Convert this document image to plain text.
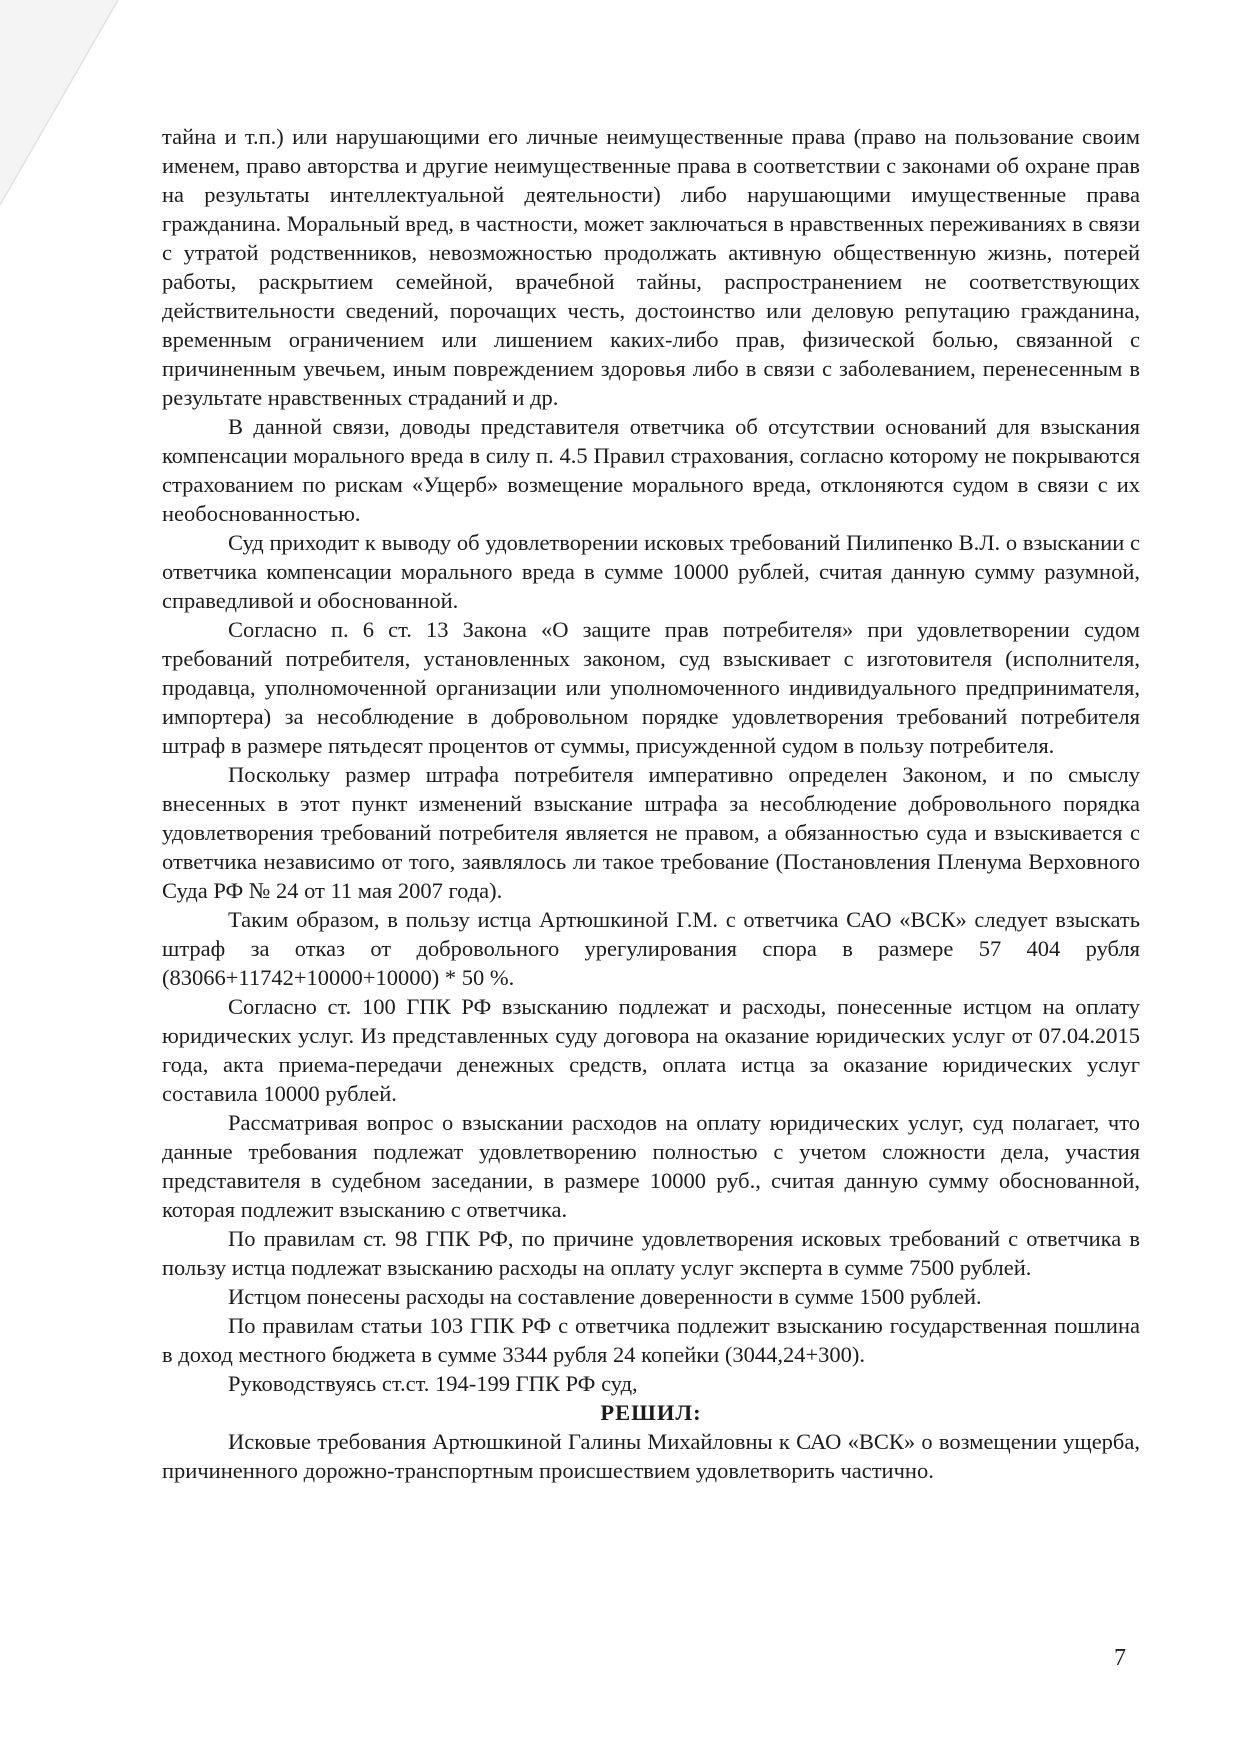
тайна и т.п.) или нарушающими его личные неимущественные права (право на пользование своим именем, право авторства и другие неимущественные права в соответствии с законами об охране прав на результаты интеллектуальной деятельности) либо нарушающими имущественные права гражданина. Моральный вред, в частности, может заключаться в нравственных переживаниях в связи с утратой родственников, невозможностью продолжать активную общественную жизнь, потерей работы, раскрытием семейной, врачебной тайны, распространением не соответствующих действительности сведений, порочащих честь, достоинство или деловую репутацию гражданина, временным ограничением или лишением каких-либо прав, физической болью, связанной с причиненным увечьем, иным повреждением здоровья либо в связи с заболеванием, перенесенным в результате нравственных страданий и др.

В данной связи, доводы представителя ответчика об отсутствии оснований для взыскания компенсации морального вреда в силу п. 4.5 Правил страхования, согласно которому не покрываются страхованием по рискам «Ущерб» возмещение морального вреда, отклоняются судом в связи с их необоснованностью.

Суд приходит к выводу об удовлетворении исковых требований Пилипенко В.Л. о взыскании с ответчика компенсации морального вреда в сумме 10000 рублей, считая данную сумму разумной, справедливой и обоснованной.

Согласно п. 6 ст. 13 Закона «О защите прав потребителя» при удовлетворении судом требований потребителя, установленных законом, суд взыскивает с изготовителя (исполнителя, продавца, уполномоченной организации или уполномоченного индивидуального предпринимателя, импортера) за несоблюдение в добровольном порядке удовлетворения требований потребителя штраф в размере пятьдесят процентов от суммы, присужденной судом в пользу потребителя.

Поскольку размер штрафа потребителя императивно определен Законом, и по смыслу внесенных в этот пункт изменений взыскание штрафа за несоблюдение добровольного порядка удовлетворения требований потребителя является не правом, а обязанностью суда и взыскивается с ответчика независимо от того, заявлялось ли такое требование (Постановления Пленума Верховного Суда РФ № 24 от 11 мая 2007 года).

Таким образом, в пользу истца Артюшкиной Г.М. с ответчика САО «ВСК» следует взыскать штраф за отказ от добровольного урегулирования спора в размере 57 404 рубля (83066+11742+10000+10000) * 50 %.

Согласно ст. 100 ГПК РФ взысканию подлежат и расходы, понесенные истцом на оплату юридических услуг. Из представленных суду договора на оказание юридических услуг от 07.04.2015 года, акта приема-передачи денежных средств, оплата истца за оказание юридических услуг составила 10000 рублей.

Рассматривая вопрос о взыскании расходов на оплату юридических услуг, суд полагает, что данные требования подлежат удовлетворению полностью с учетом сложности дела, участия представителя в судебном заседании, в размере 10000 руб., считая данную сумму обоснованной, которая подлежит взысканию с ответчика.

По правилам ст. 98 ГПК РФ, по причине удовлетворения исковых требований с ответчика в пользу истца подлежат взысканию расходы на оплату услуг эксперта в сумме 7500 рублей.

Истцом понесены расходы на составление доверенности в сумме 1500 рублей.

По правилам статьи 103 ГПК РФ с ответчика подлежит взысканию государственная пошлина в доход местного бюджета в сумме 3344 рубля 24 копейки (3044,24+300).

Руководствуясь ст.ст. 194-199 ГПК РФ суд,

РЕШИЛ:

Исковые требования Артюшкиной Галины Михайловны к САО «ВСК» о возмещении ущерба, причиненного дорожно-транспортным происшествием удовлетворить частично.

7
